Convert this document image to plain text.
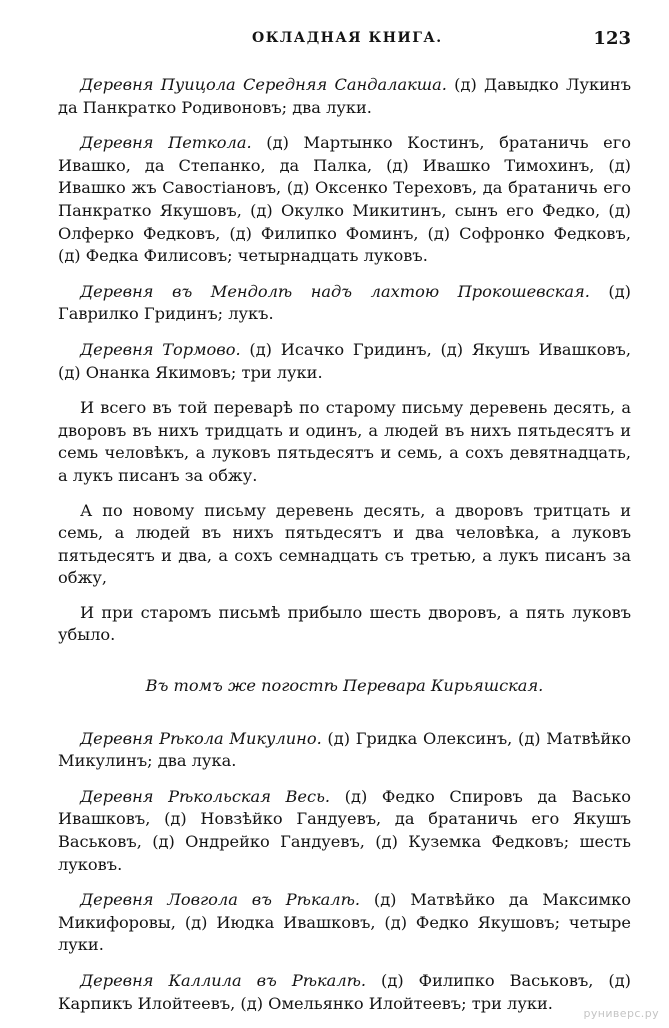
ОКЛАДНАЯ КНИГА.	123

Деревня Пуицола Середняя Сандалакша. (д) Давыдко Лукинъ да Панкратко Родивоновъ; два луки.

Деревня Петкола. (д) Мартынко Костинъ, братаничь его Ивашко, да Степанко, да Палка, (д) Ивашко Тимохинъ, (д) Ивашко жъ Савостiановъ, (д) Оксенко Тереховъ, да братаничь его Панкратко Якушовъ, (д) Окулко Микитинъ, сынъ его Федко, (д) Олферко Федковъ, (д) Филипко Фоминъ, (д) Софронко Федковъ, (д) Федка Филисовъ; четырнадцать луковъ.

Деревня въ Мендолѣ надъ лахтою Прокошевская. (д) Гаврилко Гридинъ; лукъ.

Деревня Тормово. (д) Исачко Гридинъ, (д) Якушъ Ивашковъ, (д) Онанка Якимовъ; три луки.

И всего въ той переварѣ по старому письму деревень десять, а дворовъ въ нихъ тридцать и одинъ, а людей въ нихъ пятьдесятъ и семь человѣкъ, а луковъ пятьдесятъ и семь, а сохъ девятнадцать, а лукъ писанъ за обжу.

А по новому письму деревень десять, а дворовъ тритцать и семь, а людей въ нихъ пятьдесятъ и два человѣка, а луковъ пятьдесятъ и два, а сохъ семнадцать съ третью, а лукъ писанъ за обжу,

И при старомъ письмѣ прибыло шесть дворовъ, а пять луковъ убыло.

Въ томъ же погостѣ Перевара Кирьяшская.

Деревня Рѣкола Микулино. (д) Гридка Олексинъ, (д) Матвѣйко Микулинъ; два лука.

Деревня Рѣкольская Весь. (д) Федко Спировъ да Васько Ивашковъ, (д) Новзѣйко Гандуевъ, да братаничь его Якушъ Васьковъ, (д) Ондрейко Гандуевъ, (д) Куземка Федковъ; шесть луковъ.

Деревня Ловгола въ Рѣкалѣ. (д) Матвѣйко да Максимко Микифоровы, (д) Июдка Ивашковъ, (д) Федко Якушовъ; четыре луки.

Деревня Каллила въ Рѣкалѣ. (д) Филипко Васьковъ, (д) Карпикъ Илойтеевъ, (д) Омельянко Илойтеевъ; три луки.

руниверс.ру
